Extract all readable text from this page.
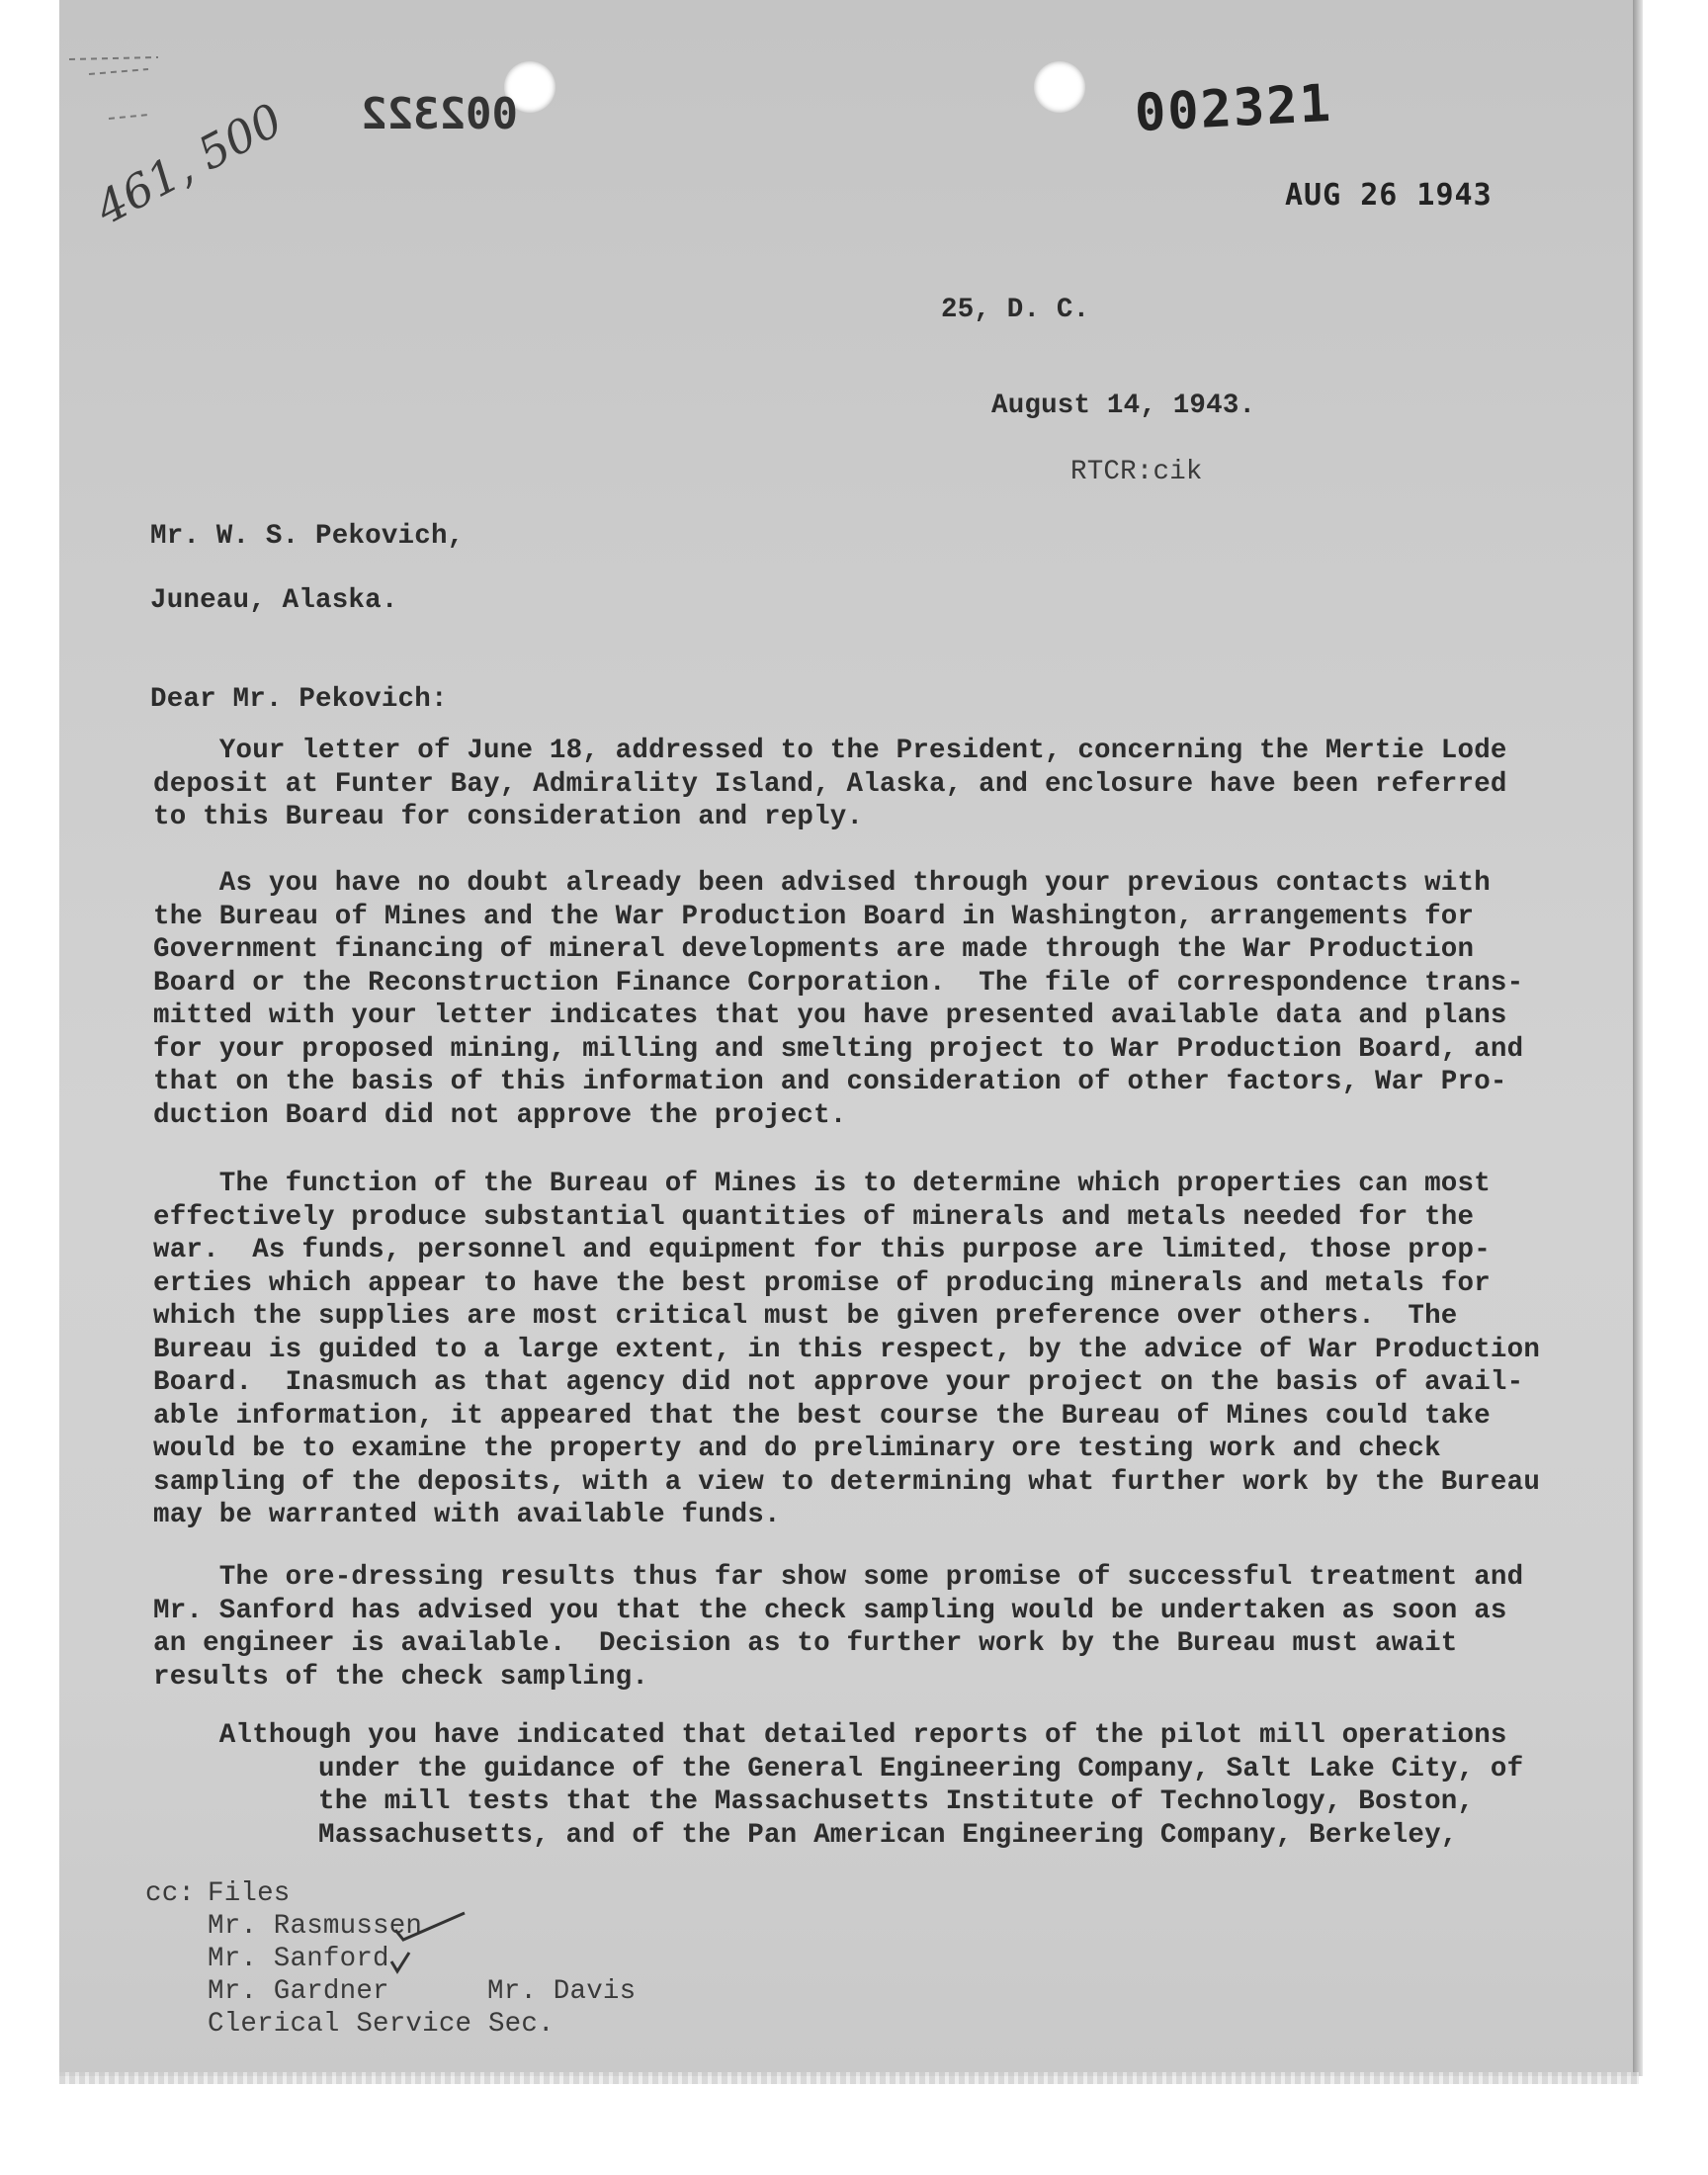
461, 500 002322	002321
AUG 26 1943
25, D. C.
August 14, 1943.
RTCR:cik
Mr. W. S. Pekovich,
Juneau, Alaska.
Dear Mr. Pekovich:
Your letter of June 18, addressed to the President, concerning the Mertie Lode
deposit at Funter Bay, Admirality Island, Alaska, and enclosure have been referred
to this Bureau for consideration and reply.
As you have no doubt already been advised through your previous contacts with
the Bureau of Mines and the War Production Board in Washington, arrangements for
Government financing of mineral developments are made through the War Production
Board or the Reconstruction Finance Corporation.  The file of correspondence trans-
mitted with your letter indicates that you have presented available data and plans
for your proposed mining, milling and smelting project to War Production Board, and
that on the basis of this information and consideration of other factors, War Pro-
duction Board did not approve the project.
The function of the Bureau of Mines is to determine which properties can most
effectively produce substantial quantities of minerals and metals needed for the
war.  As funds, personnel and equipment for this purpose are limited, those prop-
erties which appear to have the best promise of producing minerals and metals for
which the supplies are most critical must be given preference over others.  The
Bureau is guided to a large extent, in this respect, by the advice of War Production
Board.  Inasmuch as that agency did not approve your project on the basis of avail-
able information, it appeared that the best course the Bureau of Mines could take
would be to examine the property and do preliminary ore testing work and check
sampling of the deposits, with a view to determining what further work by the Bureau
may be warranted with available funds.
The ore-dressing results thus far show some promise of successful treatment and
Mr. Sanford has advised you that the check sampling would be undertaken as soon as
an engineer is available.  Decision as to further work by the Bureau must await
results of the check sampling.
Although you have indicated that detailed reports of the pilot mill operations
under the guidance of the General Engineering Company, Salt Lake City, of
the mill tests that the Massachusetts Institute of Technology, Boston,
Massachusetts, and of the Pan American Engineering Company, Berkeley,
cc: Files
Mr. Rasmussen
Mr. Sanford
Mr. Gardner	Mr. Davis
Clerical Service Sec.
